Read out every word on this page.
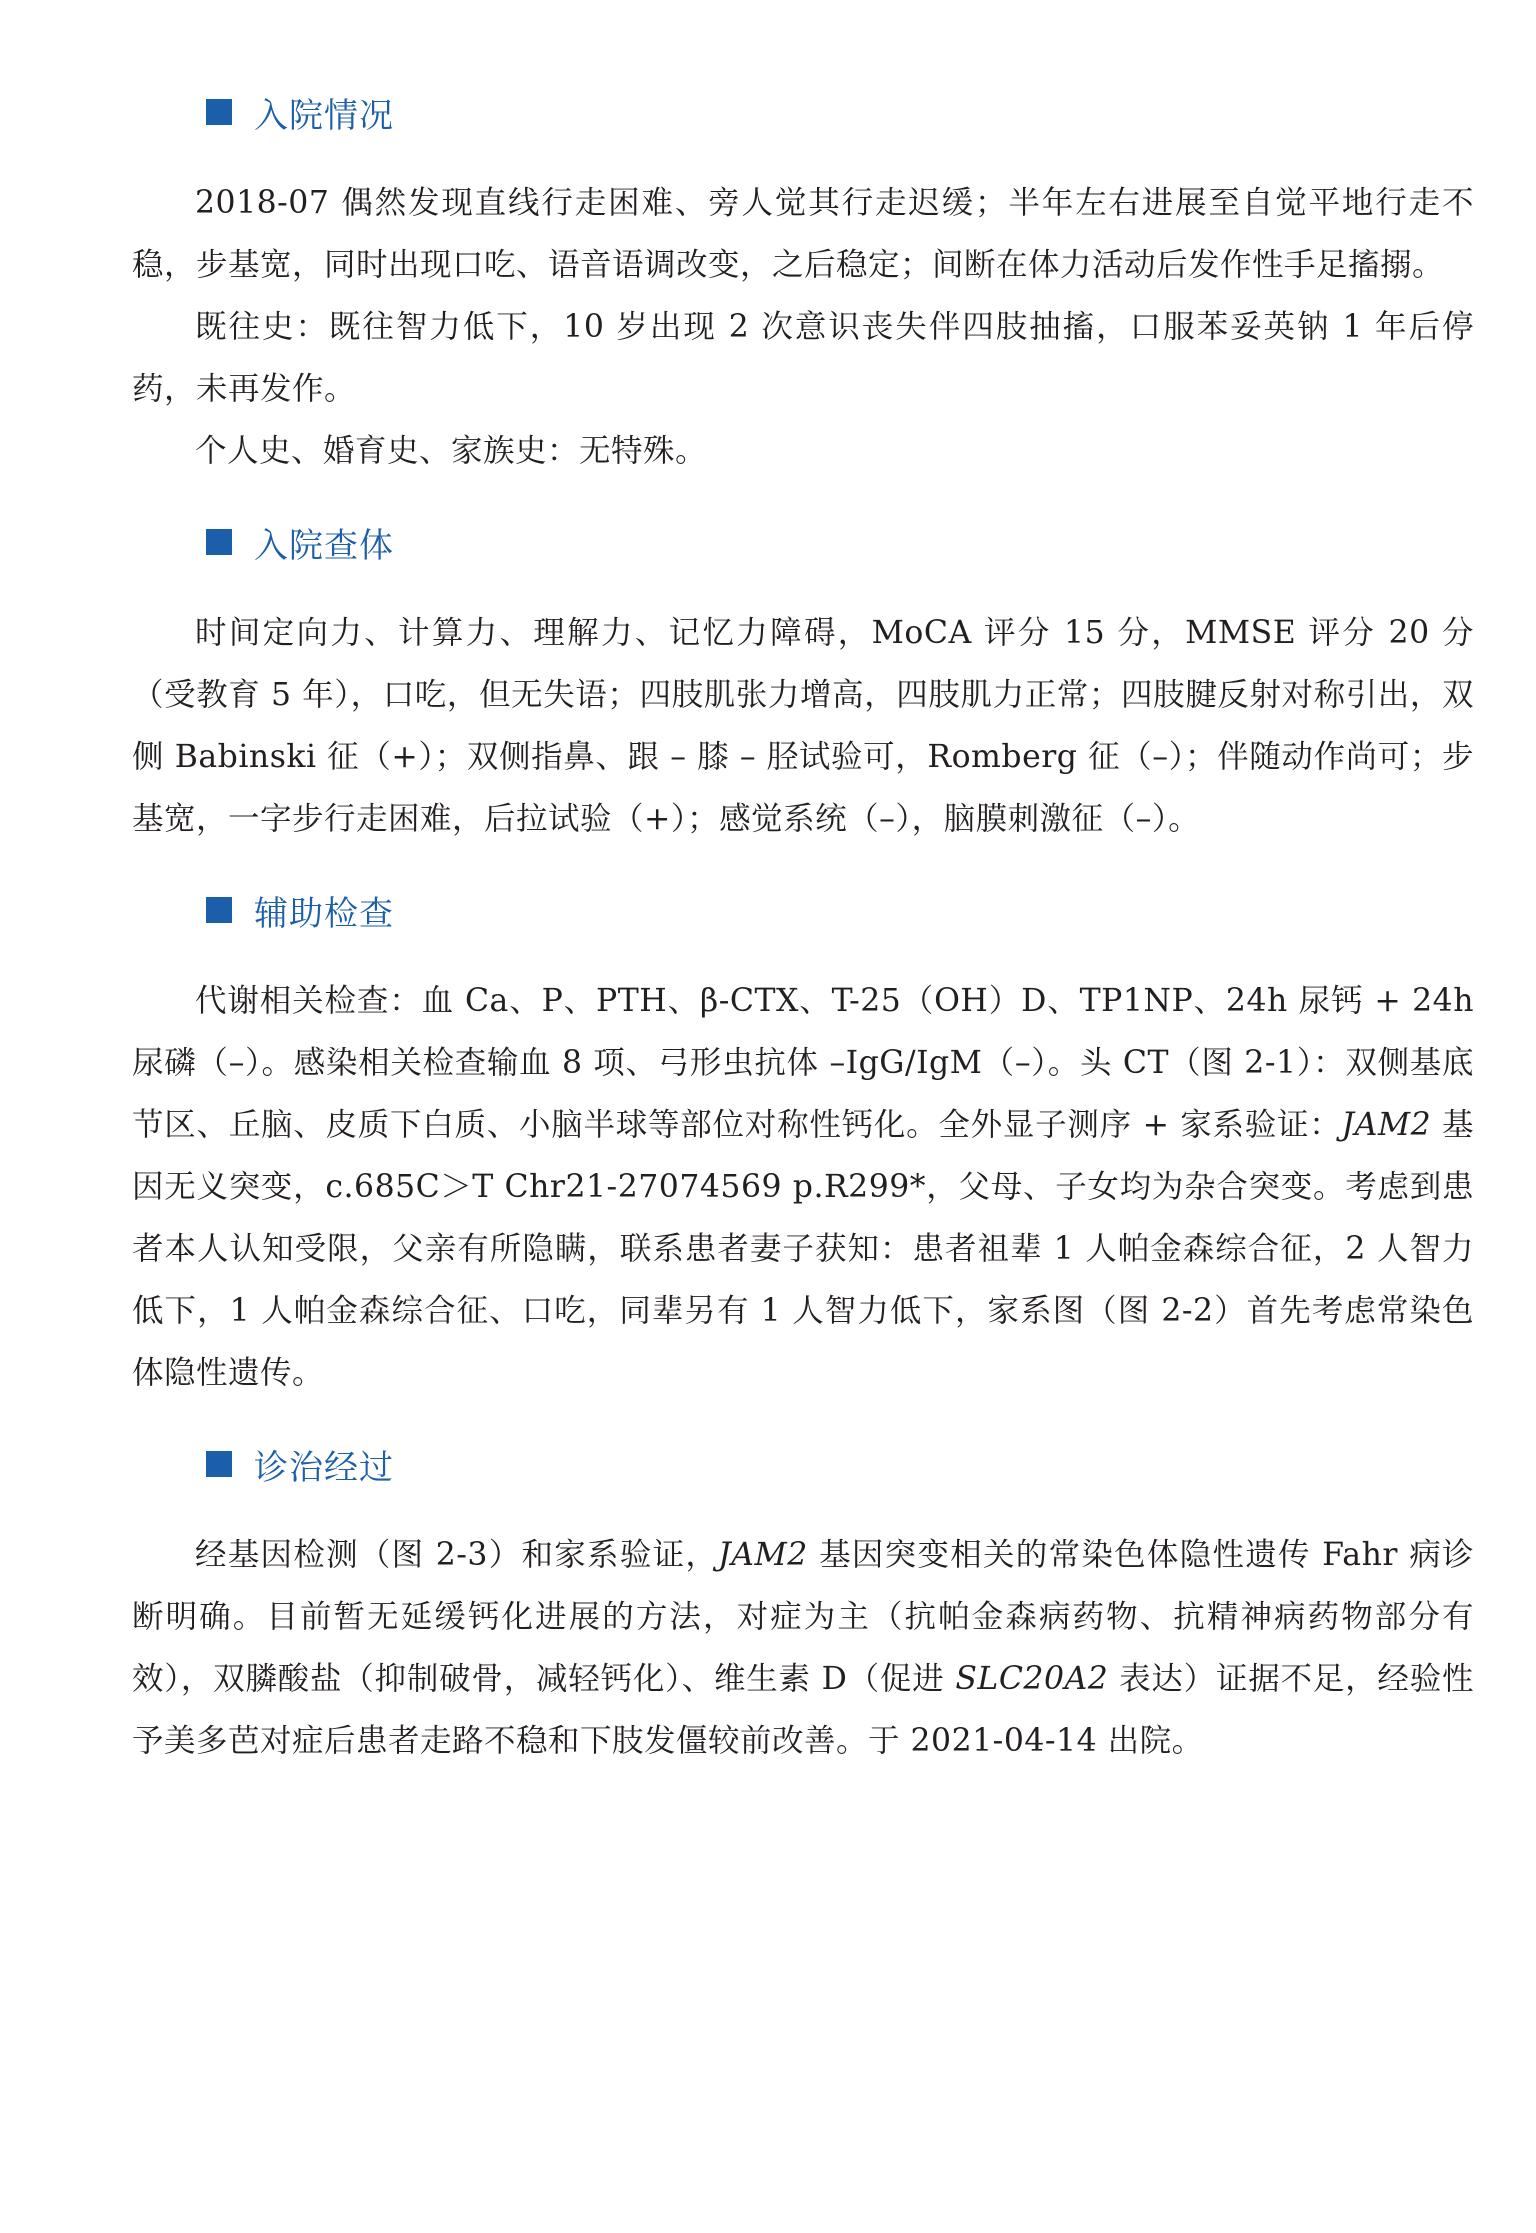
入院情况

2018-07 偶然发现直线行走困难、旁人觉其行走迟缓；半年左右进展至自觉平地行走不稳，步基宽，同时出现口吃、语音语调改变，之后稳定；间断在体力活动后发作性手足搐搦。

既往史：既往智力低下，10 岁出现 2 次意识丧失伴四肢抽搐，口服苯妥英钠 1 年后停药，未再发作。

个人史、婚育史、家族史：无特殊。

入院查体

时间定向力、计算力、理解力、记忆力障碍，MoCA 评分 15 分，MMSE 评分 20 分（受教育 5 年），口吃，但无失语；四肢肌张力增高，四肢肌力正常；四肢腱反射对称引出，双侧 Babinski 征（+）；双侧指鼻、跟 – 膝 – 胫试验可，Romberg 征（–）；伴随动作尚可；步基宽，一字步行走困难，后拉试验（+）；感觉系统（–），脑膜刺激征（–）。

辅助检查

代谢相关检查：血 Ca、P、PTH、β-CTX、T-25（OH）D、TP1NP、24h 尿钙 + 24h 尿磷（–）。感染相关检查输血 8 项、弓形虫抗体 –IgG/IgM（–）。头 CT（图 2-1）：双侧基底节区、丘脑、皮质下白质、小脑半球等部位对称性钙化。全外显子测序 + 家系验证：JAM2 基因无义突变，c.685C＞T Chr21-27074569 p.R299*，父母、子女均为杂合突变。考虑到患者本人认知受限，父亲有所隐瞒，联系患者妻子获知：患者祖辈 1 人帕金森综合征，2 人智力低下，1 人帕金森综合征、口吃，同辈另有 1 人智力低下，家系图（图 2-2）首先考虑常染色体隐性遗传。

诊治经过

经基因检测（图 2-3）和家系验证，JAM2 基因突变相关的常染色体隐性遗传 Fahr 病诊断明确。目前暂无延缓钙化进展的方法，对症为主（抗帕金森病药物、抗精神病药物部分有效），双膦酸盐（抑制破骨，减轻钙化）、维生素 D（促进 SLC20A2 表达）证据不足，经验性予美多芭对症后患者走路不稳和下肢发僵较前改善。于 2021-04-14 出院。
